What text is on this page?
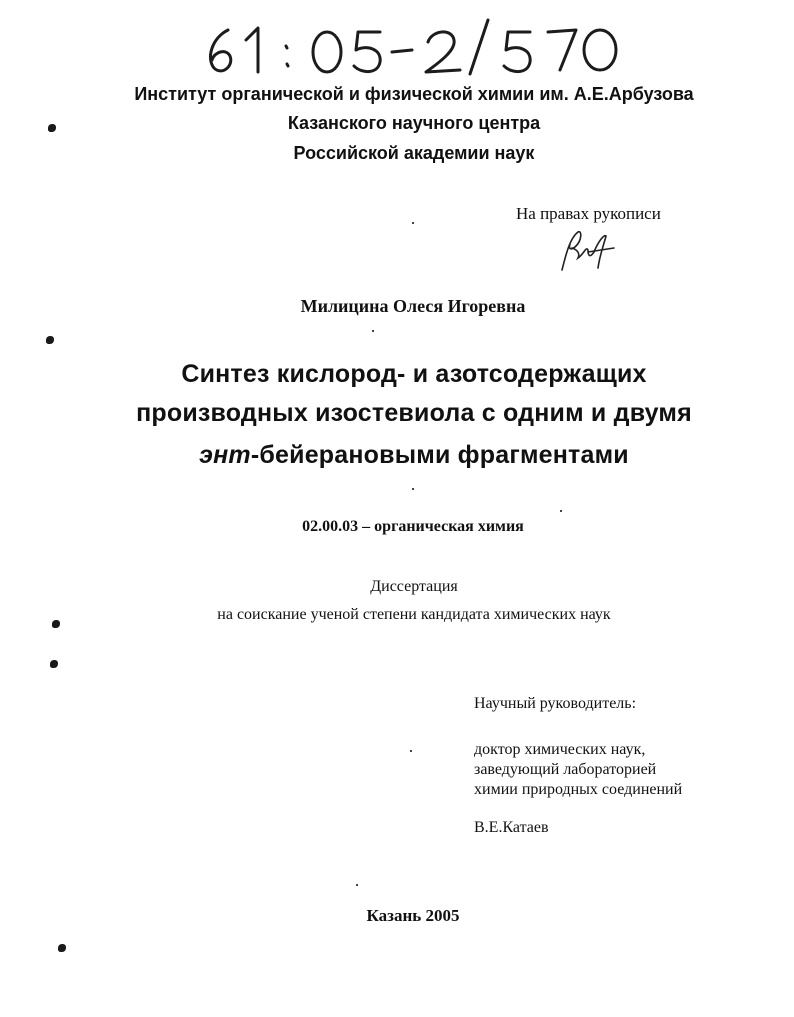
Институт органической и физической химии им. А.Е.Арбузова
Казанского научного центра
Российской академии наук
На правах рукописи
Милицина Олеся Игоревна
Синтез кислород- и азотсодержащих
производных изостевиола с одним и двумя
энт-бейерановыми фрагментами
02.00.03 – органическая химия
Диссертация
на соискание ученой степени кандидата химических наук
Научный руководитель:
доктор химических наук,
заведующий лабораторией
химии природных соединений
В.Е.Катаев
Казань 2005
